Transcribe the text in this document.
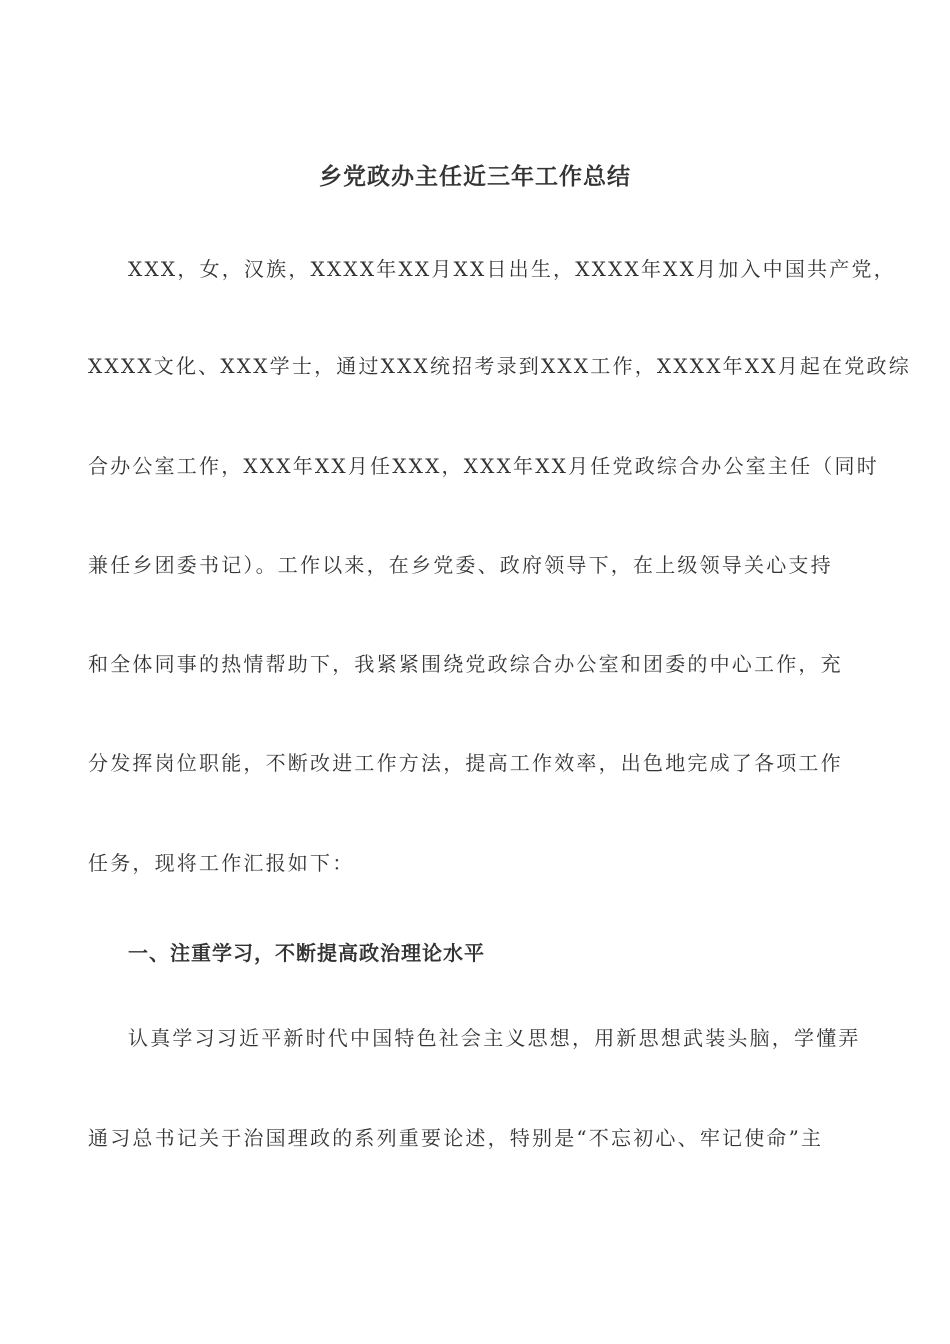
乡党政办主任近三年工作总结
XXX，女，汉族，XXXX年XX月XX日出生，XXXX年XX月加入中国共产党，
XXXX文化、XXX学士，通过XXX统招考录到XXX工作，XXXX年XX月起在党政综
合办公室工作，XXX年XX月任XXX，XXX年XX月任党政综合办公室主任（同时
兼任乡团委书记）。工作以来，在乡党委、政府领导下，在上级领导关心支持
和全体同事的热情帮助下，我紧紧围绕党政综合办公室和团委的中心工作，充
分发挥岗位职能，不断改进工作方法，提高工作效率，出色地完成了各项工作
任务，现将工作汇报如下：
一、注重学习，不断提高政治理论水平
认真学习习近平新时代中国特色社会主义思想，用新思想武装头脑，学懂弄
通习总书记关于治国理政的系列重要论述，特别是“不忘初心、牢记使命”主
